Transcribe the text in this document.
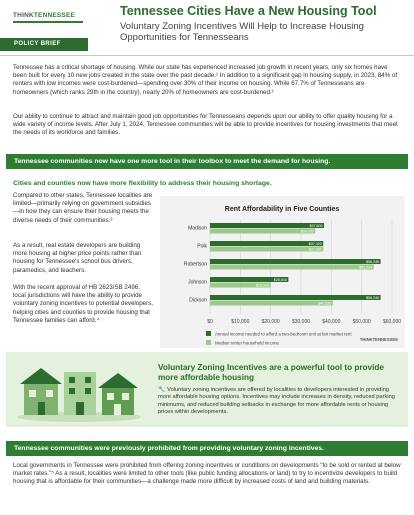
THINKTENNESSEE
POLICY BRIEF
Tennessee Cities Have a New Housing Tool
Voluntary Zoning Incentives Will Help to Increase Housing Opportunities for Tennesseans
Tennessee has a critical shortage of housing. While our state has experienced increased job growth in recent years, only six homes have been built for every 10 new jobs created in the state over the past decade.¹ In addition to a significant gap in housing supply, in 2023, 84% of renters with low incomes were cost-burdened—spending over 30% of their income on housing. While 67.7% of Tennesseans are homeowners (which ranks 29th in the country), nearly 20% of homeowners are cost-burdened.²
Our ability to continue to attract and maintain good job opportunities for Tennesseans depends upon our ability to offer quality housing for a wide variety of income levels. After July 1, 2024, Tennessee communities will be able to provide incentives for housing investments that meet the needs of its workforce and families.
Tennessee communities now have one more tool in their toolbox to meet the demand for housing.
Cities and counties now have more flexibility to address their housing shortage.
Compared to other states, Tennessee localities are limited—primarily relying on government subsidies—in how they can ensure their housing meets the diverse needs of their communities.³
As a result, real estate developers are building more housing at higher price points rather than housing for Tennessee's school bus drivers, paramedics, and teachers.
With the recent approval of HB 2623/SB 2496, local jurisdictions will have the ability to provide voluntary zoning incentives to potential developers, helping cities and counties to provide housing that Tennessee families can afford.⁴
Rent Affordability in Five Counties
$0	$10,000 $20,000 $30,000 $40,000 $50,000 $60,000
Madison	$37,600
$34,700
Polk	$37,320
$37,360
Robertson	$56,240
$53,934
Johnson	$25,840
$19,945
Dickson	$56,240
$40,520
Annual income needed to afford a two-bedroom unit at fair market rent
Median renter household income
THINKTENNESSEE
Voluntary Zoning Incentives are a powerful tool to provide more affordable housing
🔧 Voluntary zoning incentives are offered by localities to developers interested in providing more affordable housing options. Incentives may include increases in density, reduced parking minimums, and reduced building setbacks in exchange for more affordable rents or housing prices within developments.
Tennessee communities were previously prohibited from providing voluntary zoning incentives.
Local governments in Tennessee were prohibited from offering zoning incentives or conditions on developments "to be sold or rented at below market rates."⁵ As a result, localities were limited to other tools (like public funding allocations or land) to try to incentivize developers to build housing that is affordable for their communities—a challenge made more difficult by increased costs of land and building materials.
